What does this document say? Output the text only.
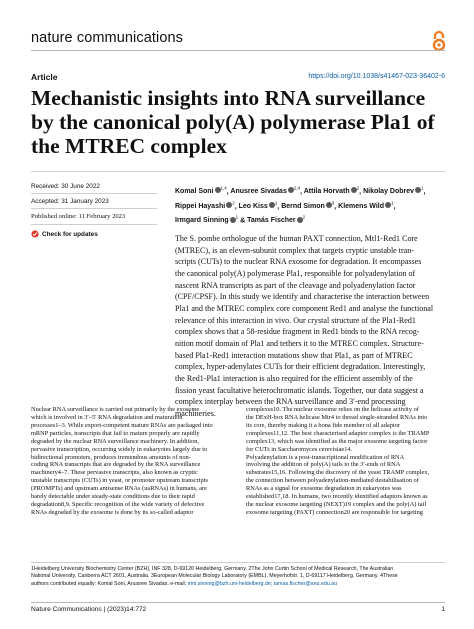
nature communications
Article	https://doi.org/10.1038/s41467-023-36402-6
Mechanistic insights into RNA surveillance by the canonical poly(A) polymerase Pla1 of the MTREC complex
Received: 30 June 2022
Accepted: 31 January 2023
Published online: 11 February 2023
Check for updates
Komal Soni $^{1,4}$, Anusree Sivadas $^{2,4}$, Attila Horvath $^2$, Nikolay Dobrev $^1$, Rippei Hayashi $^2$, Leo Kiss $^1$, Bernd Simon $^3$, Klemens Wild $^1$, Irmgard Sinning $^1$ & Tamás Fischer $^2$
The S. pombe orthologue of the human PAXT connection, Mtl1-Red1 Core
(MTREC), is an eleven-subunit complex that targets cryptic unstable tran-
scripts (CUTs) to the nuclear RNA exosome for degradation. It encompasses
the canonical poly(A) polymerase Pla1, responsible for polyadenylation of
nascent RNA transcripts as part of the cleavage and polyadenylation factor
(CPF/CPSF). In this study we identify and characterise the interaction between
Pla1 and the MTREC complex core component Red1 and analyse the functional
relevance of this interaction in vivo. Our crystal structure of the Pla1-Red1
complex shows that a 58-residue fragment in Red1 binds to the RNA recog-
nition motif domain of Pla1 and tethers it to the MTREC complex. Structure-
based Pla1-Red1 interaction mutations show that Pla1, as part of MTREC
complex, hyper-adenylates CUTs for their efficient degradation. Interestingly,
the Red1-Pla1 interaction is also required for the efficient assembly of the
fission yeast facultative heterochromatic islands. Together, our data suggest a
complex interplay between the RNA surveillance and 3′-end processing
machineries.
Nuclear RNA surveillance is carried out primarily by the exosome
which is involved in 3′–5′ RNA degradation and maturation
processes1–3. While export-competent mature RNAs are packaged into
mRNP particles, transcripts that fail to mature properly are rapidly
degraded by the nuclear RNA surveillance machinery. In addition,
pervasive transcription, occurring widely in eukaryotes largely due to
bidirectional promoters, produces tremendous amounts of non-
coding RNA transcripts that are degraded by the RNA surveillance
machinery4–7. These pervasive transcripts, also known as cryptic
unstable transcripts (CUTs) in yeast, or promoter upstream transcripts
(PROMPTs) and upstream antisense RNAs (uaRNAs) in humans, are
barely detectable under steady-state conditions due to their rapid
degradation8,9. Specific recognition of the wide variety of defective
RNAs degraded by the exosome is done by its so-called adaptor
complexes10. The nuclear exosome relies on the helicase activity of
the DExH-box RNA helicase Mtr4 to thread single-stranded RNAs into
its core, thereby making it a bona fide member of all adaptor
complexes11,12. The best characterised adaptor complex is the TRAMP
complex13, which was identified as the major exosome targeting factor
for CUTs in Saccharomyces cerevisiae14.
Polyadenylation is a post-transcriptional modification of RNA
involving the addition of poly(A) tails to the 3′-ends of RNA
substrates15,16. Following the discovery of the yeast TRAMP complex,
the connection between polyadenylation-mediated destabilisation of
RNAs as a signal for exosome degradation in eukaryotes was
established17,18. In humans, two recently identified adaptors known as
the nuclear exosome targeting (NEXT)19 complex and the poly(A) tail
exosome targeting (PAXT) connection20 are responsible for targeting
1Heidelberg University Biochemistry Center (BZH), INF 328, D-69120 Heidelberg, Germany. 2The John Curtin School of Medical Research, The Australian
National University, Canberra ACT 2601, Australia. 3European Molecular Biology Laboratory (EMBL), Meyerhofstr. 1, D-69117 Heidelberg, Germany. 4These
authors contributed equally: Komal Soni, Anusree Sivadas. e-mail: irmi.sinning@bzh.uni-heidelberg.de; tamas.fischer@anu.edu.au
Nature Communications | (2023)14:772	1
